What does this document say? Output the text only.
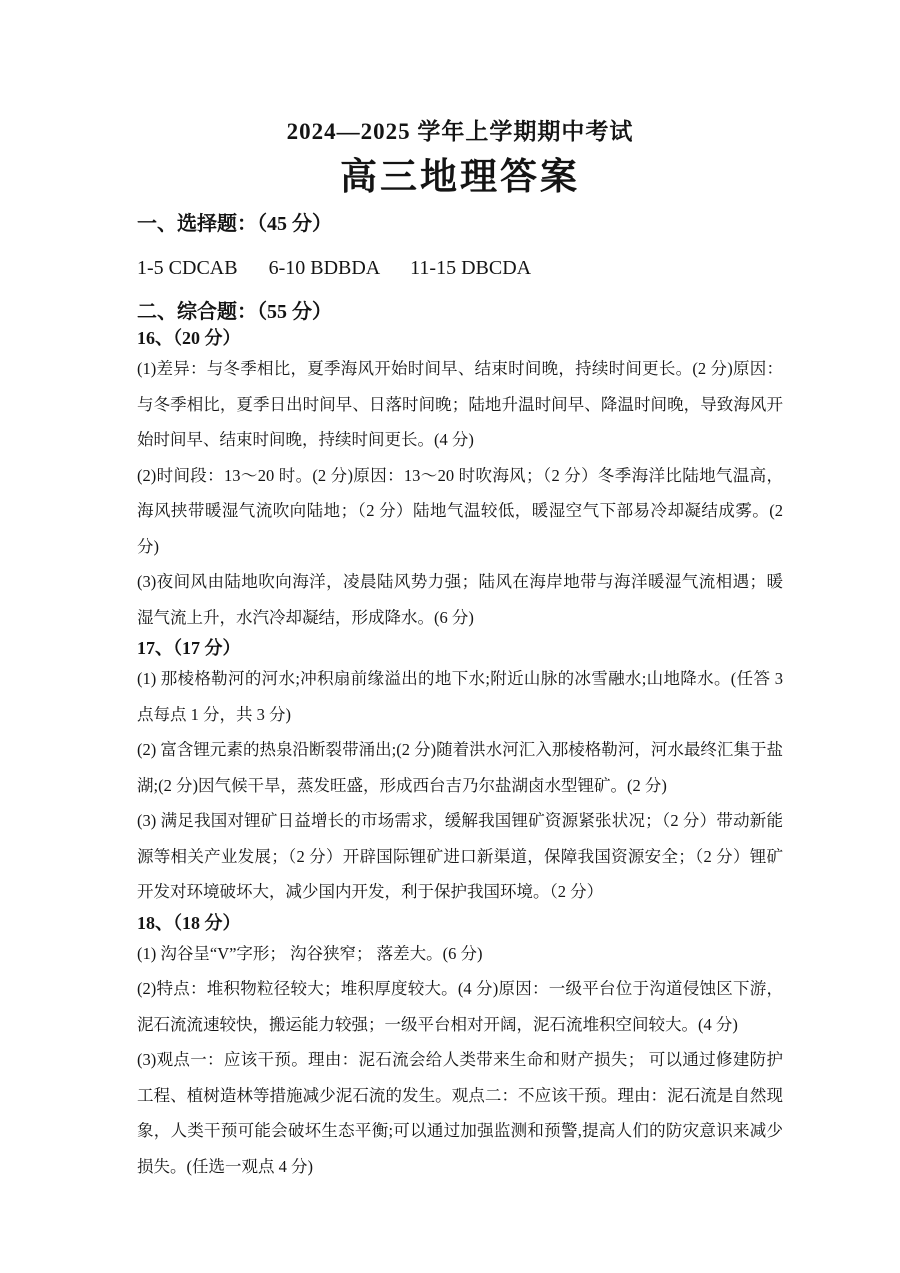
2024—2025 学年上学期期中考试
高三地理答案
一、选择题：（45 分）
1-5 CDCAB 6-10 BDBDA 11-15 DBCDA
二、综合题：（55 分）
16、（20 分）

(1)差异：与冬季相比，夏季海风开始时间早、结束时间晚，持续时间更长。(2 分)原因：与冬季相比，夏季日出时间早、日落时间晚；陆地升温时间早、降温时间晚，导致海风开始时间早、结束时间晚，持续时间更长。(4 分)

(2)时间段：13～20 时。(2 分)原因：13～20 时吹海风；（2 分）冬季海洋比陆地气温高，海风挟带暖湿气流吹向陆地；（2 分）陆地气温较低，暖湿空气下部易冷却凝结成雾。(2 分)

(3)夜间风由陆地吹向海洋，凌晨陆风势力强；陆风在海岸地带与海洋暖湿气流相遇；暖湿气流上升，水汽冷却凝结，形成降水。(6 分)

17、（17 分）

(1) 那棱格勒河的河水;冲积扇前缘溢出的地下水;附近山脉的冰雪融水;山地降水。(任答 3 点每点 1 分，共 3 分)

(2) 富含锂元素的热泉沿断裂带涌出;(2 分)随着洪水河汇入那棱格勒河，河水最终汇集于盐湖;(2 分)因气候干旱，蒸发旺盛，形成西台吉乃尔盐湖卤水型锂矿。(2 分)

(3) 满足我国对锂矿日益增长的市场需求，缓解我国锂矿资源紧张状况；（2 分）带动新能源等相关产业发展；（2 分）开辟国际锂矿进口新渠道，保障我国资源安全；（2 分）锂矿开发对环境破坏大，减少国内开发，利于保护我国环境。（2 分）

18、（18 分）

(1) 沟谷呈“V”字形； 沟谷狭窄； 落差大。(6 分)

(2)特点：堆积物粒径较大；堆积厚度较大。(4 分)原因：一级平台位于沟道侵蚀区下游，泥石流流速较快，搬运能力较强；一级平台相对开阔，泥石流堆积空间较大。(4 分)

(3)观点一：应该干预。理由：泥石流会给人类带来生命和财产损失； 可以通过修建防护工程、植树造林等措施减少泥石流的发生。观点二：不应该干预。理由：泥石流是自然现象，人类干预可能会破坏生态平衡;可以通过加强监测和预警,提高人们的防灾意识来减少损失。(任选一观点 4 分)
